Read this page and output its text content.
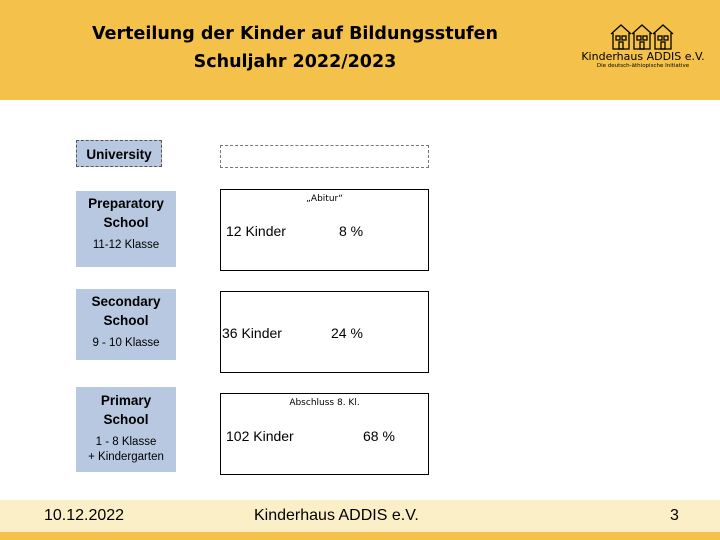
Verteilung der Kinder auf Bildungsstufen
Schuljahr 2022/2023	Kinderhaus ADDIS e.V.
Die deutsch-äthiopische Initiative
University
Preparatory
School
11-12 Klasse
Secondary
School
9 - 10 Klasse
Primary
School
1 - 8 Klasse
+ Kindergarten
„Abitur“
12 Kinder	8 %
36 Kinder	24 %
Abschluss 8. Kl.
102 Kinder	68 %
10.12.2022	Kinderhaus ADDIS e.V.	3
